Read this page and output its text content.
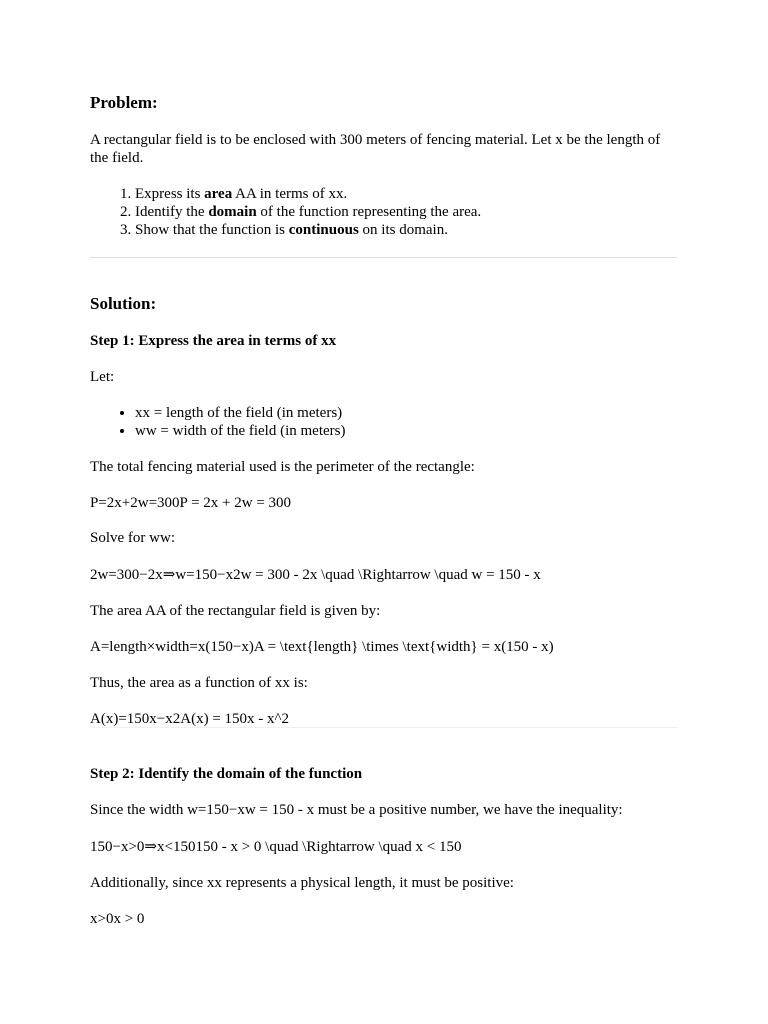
Problem:

A rectangular field is to be enclosed with 300 meters of fencing material. Let x be the length of the field.

1. Express its area AA in terms of xx.
2. Identify the domain of the function representing the area.
3. Show that the function is continuous on its domain.
Solution:
Step 1: Express the area in terms of xx

Let:

• xx = length of the field (in meters)
• ww = width of the field (in meters)

The total fencing material used is the perimeter of the rectangle:

P=2x+2w=300P = 2x + 2w = 300

Solve for ww:

2w=300−2x⇒w=150−x2w = 300 - 2x \quad \Rightarrow \quad w = 150 - x

The area AA of the rectangular field is given by:

A=length×width=x(150−x)A = \text{length} \times \text{width} = x(150 - x)

Thus, the area as a function of xx is:

A(x)=150x−x2A(x) = 150x - x^2

Step 2: Identify the domain of the function

Since the width w=150−xw = 150 - x must be a positive number, we have the inequality:

150−x>0⇒x<150150 - x > 0 \quad \Rightarrow \quad x < 150

Additionally, since xx represents a physical length, it must be positive:

x>0x > 0
